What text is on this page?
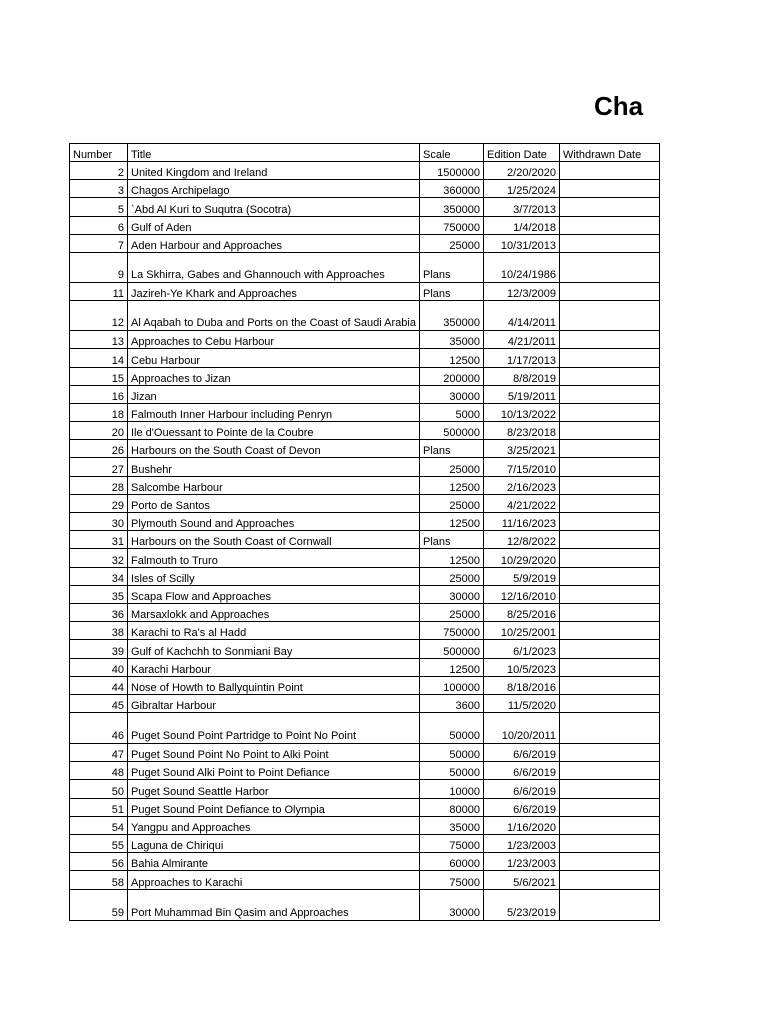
Cha
Number	Title	Scale	Edition Date	Withdrawn Date
2	United Kingdom and Ireland	1500000	2/20/2020	
3	Chagos Archipelago	360000	1/25/2024	
5	`Abd Al Kuri to Suqutra (Socotra)	350000	3/7/2013	
6	Gulf of Aden	750000	1/4/2018	
7	Aden Harbour and Approaches	25000	10/31/2013	
9	La Skhirra, Gabes and Ghannouch with Approaches	Plans	10/24/1986	
11	Jazireh-Ye Khark and Approaches	Plans	12/3/2009	
12	Al Aqabah to Duba and Ports on the Coast of Saudi Arabia	350000	4/14/2011	
13	Approaches to Cebu Harbour	35000	4/21/2011	
14	Cebu Harbour	12500	1/17/2013	
15	Approaches to Jizan	200000	8/8/2019	
16	Jizan	30000	5/19/2011	
18	Falmouth Inner Harbour including Penryn	5000	10/13/2022	
20	Ile d'Ouessant to Pointe de la Coubre	500000	8/23/2018	
26	Harbours on the South Coast of Devon	Plans	3/25/2021	
27	Bushehr	25000	7/15/2010	
28	Salcombe Harbour	12500	2/16/2023	
29	Porto de Santos	25000	4/21/2022	
30	Plymouth Sound and Approaches	12500	11/16/2023	
31	Harbours on the South Coast of Cornwall	Plans	12/8/2022	
32	Falmouth to Truro	12500	10/29/2020	
34	Isles of Scilly	25000	5/9/2019	
35	Scapa Flow and Approaches	30000	12/16/2010	
36	Marsaxlokk and Approaches	25000	8/25/2016	
38	Karachi to Ra's al Hadd	750000	10/25/2001	
39	Gulf of Kachchh to Sonmiani Bay	500000	6/1/2023	
40	Karachi Harbour	12500	10/5/2023	
44	Nose of Howth to Ballyquintin Point	100000	8/18/2016	
45	Gibraltar Harbour	3600	11/5/2020	
46	Puget Sound Point Partridge to Point No Point	50000	10/20/2011	
47	Puget Sound Point No Point to Alki Point	50000	6/6/2019	
48	Puget Sound Alki Point to Point Defiance	50000	6/6/2019	
50	Puget Sound Seattle Harbor	10000	6/6/2019	
51	Puget Sound Point Defiance to Olympia	80000	6/6/2019	
54	Yangpu and Approaches	35000	1/16/2020	
55	Laguna de Chiriqui	75000	1/23/2003	
56	Bahia Almirante	60000	1/23/2003	
58	Approaches to Karachi	75000	5/6/2021	
59	Port Muhammad Bin Qasim and Approaches	30000	5/23/2019	
